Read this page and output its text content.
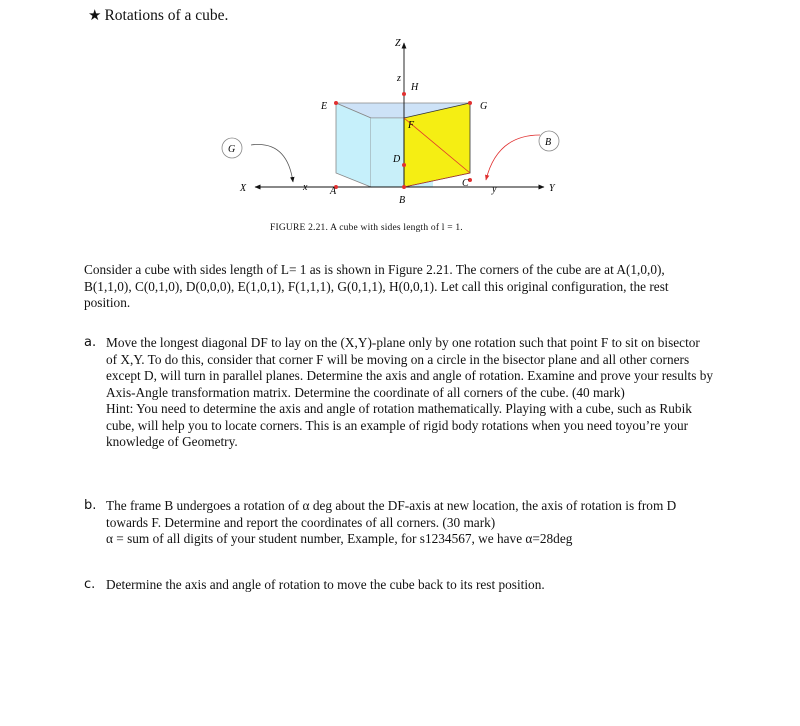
★ Rotations of a cube.
Z
z
H
E	G
F
D
G
B
X	x A
B
C
y	Y
FIGURE 2.21. A cube with sides length of l = 1.
Consider a cube with sides length of L= 1 as is shown in Figure 2.21. The corners of the cube are at A(1,0,0), B(1,1,0), C(0,1,0), D(0,0,0), E(1,0,1), F(1,1,1), G(0,1,1), H(0,0,1). Let call this original configuration, the rest position.
a. Move the longest diagonal DF to lay on the (X,Y)-plane only by one rotation such that point F to sit on bisector of X,Y. To do this, consider that corner F will be moving on a circle in the bisector plane and all other corners except D, will turn in parallel planes. Determine the axis and angle of rotation. Examine and prove your results by Axis-Angle transformation matrix. Determine the coordinate of all corners of the cube. (40 mark)
Hint: You need to determine the axis and angle of rotation mathematically. Playing with a cube, such as Rubik cube, will help you to locate corners. This is an example of rigid body rotations when you need toyou’re your knowledge of Geometry.
b. The frame B undergoes a rotation of α deg about the DF-axis at new location, the axis of rotation is from D towards F. Determine and report the coordinates of all corners. (30 mark)
α = sum of all digits of your student number, Example, for s1234567, we have α=28deg
c. Determine the axis and angle of rotation to move the cube back to its rest position.
